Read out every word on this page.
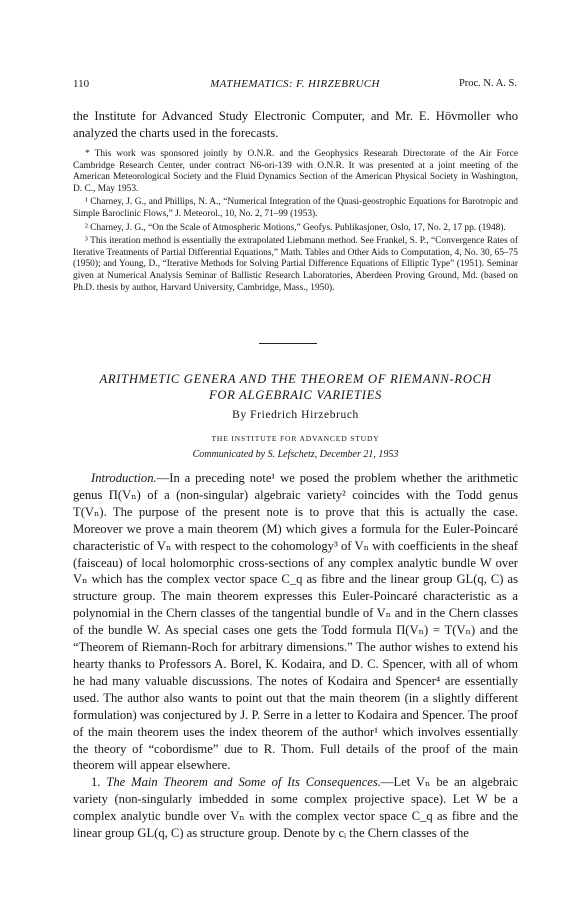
110	MATHEMATICS: F. HIRZEBRUCH	Proc. N. A. S.

the Institute for Advanced Study Electronic Computer, and Mr. E. Hövmoller who analyzed the charts used in the forecasts.

* This work was sponsored jointly by O.N.R. and the Geophysics Researah Directorate of the Air Force Cambridge Research Center, under contract N6-ori-139 with O.N.R. It was presented at a joint meeting of the American Meteorological Society and the Fluid Dynamics Section of the American Physical Society in Washington, D. C., May 1953.

¹ Charney, J. G., and Phillips, N. A., “Numerical Integration of the Quasi-geostrophic Equations for Barotropic and Simple Baroclinic Flows,” J. Meteorol., 10, No. 2, 71–99 (1953).

² Charney, J. G., “On the Scale of Atmospheric Motions,” Geofys. Publikasjoner, Oslo, 17, No. 2, 17 pp. (1948).

³ This iteration method is essentially the extrapolated Liebmann method. See Frankel, S. P., “Convergence Rates of Iterative Treatments of Partial Differential Equations,” Math. Tables and Other Aids to Computation, 4, No. 30, 65–75 (1950); and Young, D., “Iterative Methods for Solving Partial Difference Equations of Elliptic Type” (1951). Seminar given at Numerical Analysis Seminar of Ballistic Research Laboratories, Aberdeen Proving Ground, Md. (based on Ph.D. thesis by author, Harvard University, Cambridge, Mass., 1950).

ARITHMETIC GENERA AND THE THEOREM OF RIEMANN-ROCH
FOR ALGEBRAIC VARIETIES
By Friedrich Hirzebruch
THE INSTITUTE FOR ADVANCED STUDY
Communicated by S. Lefschetz, December 21, 1953

Introduction.—In a preceding note¹ we posed the problem whether the arithmetic genus Π(Vₙ) of a (non-singular) algebraic variety² coincides with the Todd genus T(Vₙ). The purpose of the present note is to prove that this is actually the case. Moreover we prove a main theorem (M) which gives a formula for the Euler-Poincaré characteristic of Vₙ with respect to the cohomology³ of Vₙ with coefficients in the sheaf (faisceau) of local holomorphic cross-sections of any complex analytic bundle W over Vₙ which has the complex vector space C_q as fibre and the linear group GL(q, C) as structure group. The main theorem expresses this Euler-Poincaré characteristic as a polynomial in the Chern classes of the tangential bundle of Vₙ and in the Chern classes of the bundle W. As special cases one gets the Todd formula Π(Vₙ) = T(Vₙ) and the “Theorem of Riemann-Roch for arbitrary dimensions.” The author wishes to extend his hearty thanks to Professors A. Borel, K. Kodaira, and D. C. Spencer, with all of whom he had many valuable discussions. The notes of Kodaira and Spencer⁴ are essentially used. The author also wants to point out that the main theorem (in a slightly different formulation) was conjectured by J. P. Serre in a letter to Kodaira and Spencer. The proof of the main theorem uses the index theorem of the author¹ which involves essentially the theory of “cobordisme” due to R. Thom. Full details of the proof of the main theorem will appear elsewhere.

1. The Main Theorem and Some of Its Consequences.—Let Vₙ be an algebraic variety (non-singularly imbedded in some complex projective space). Let W be a complex analytic bundle over Vₙ with the complex vector space C_q as fibre and the linear group GL(q, C) as structure group. Denote by cᵢ the Chern classes of the
